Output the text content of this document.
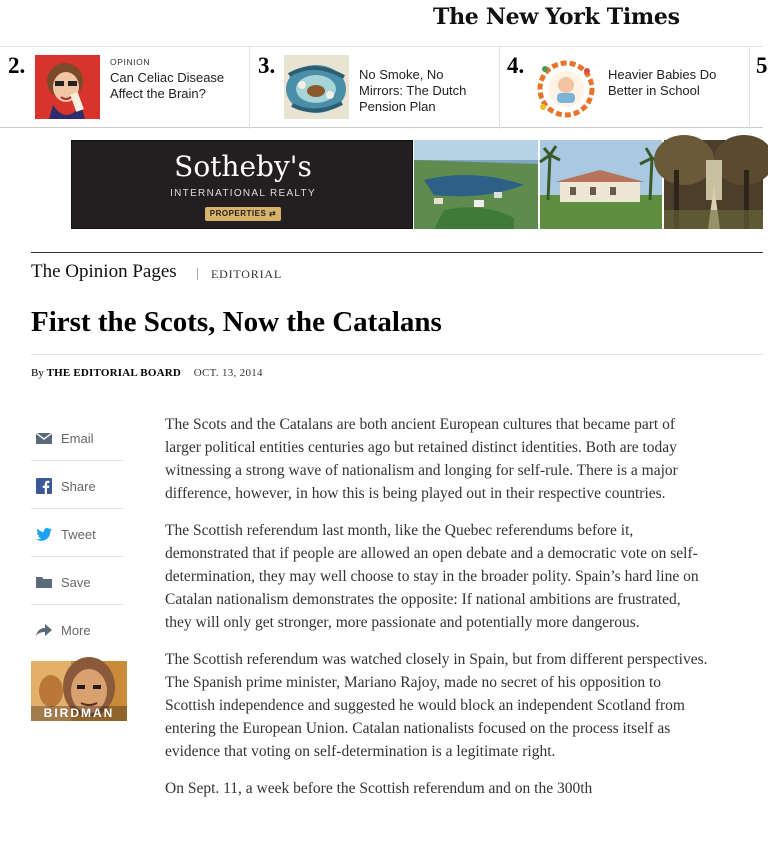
The New York Times
2.	OPINION
Can Celiac Disease Affect the Brain?
3.	No Smoke, No Mirrors: The Dutch Pension Plan
4.	Heavier Babies Do Better in School
5
Sotheby's
INTERNATIONAL REALTY
PROPERTIES ⇄
The Opinion Pages	EDITORIAL
First the Scots, Now the Catalans
By THE EDITORIAL BOARD OCT. 13, 2014
Email
Share
Tweet
Save
More
BIRDMAN

The Scots and the Catalans are both ancient European cultures that became part of larger political entities centuries ago but retained distinct identities. Both are today witnessing a strong wave of nationalism and longing for self-rule. There is a major difference, however, in how this is being played out in their respective countries.

The Scottish referendum last month, like the Quebec referendums before it, demonstrated that if people are allowed an open debate and a democratic vote on self-determination, they may well choose to stay in the broader polity. Spain’s hard line on Catalan nationalism demonstrates the opposite: If national ambitions are frustrated, they will only get stronger, more passionate and potentially more dangerous.

The Scottish referendum was watched closely in Spain, but from different perspectives. The Spanish prime minister, Mariano Rajoy, made no secret of his opposition to Scottish independence and suggested he would block an independent Scotland from entering the European Union. Catalan nationalists focused on the process itself as evidence that voting on self-determination is a legitimate right.

On Sept. 11, a week before the Scottish referendum and on the 300th
